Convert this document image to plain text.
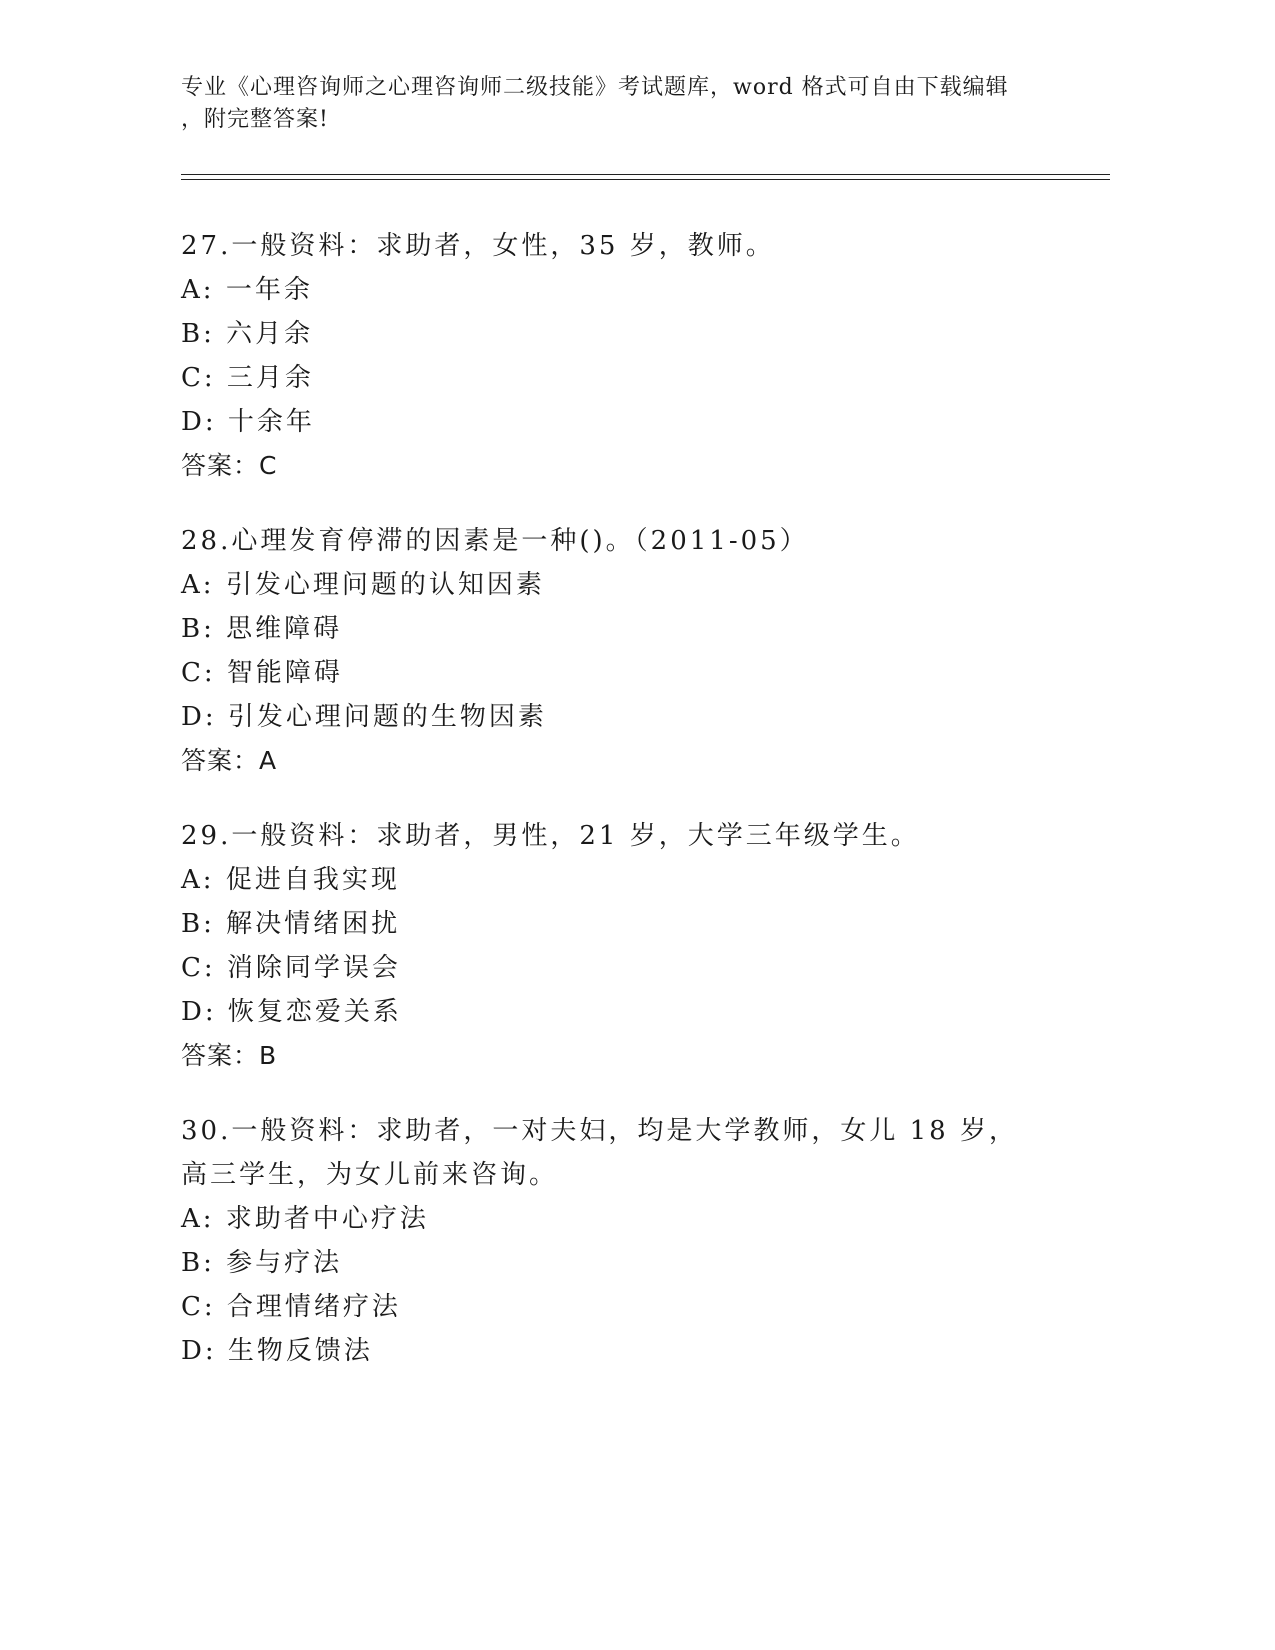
专业《心理咨询师之心理咨询师二级技能》考试题库，word 格式可自由下载编辑
，附完整答案!
27.一般资料：求助者，女性，35 岁，教师。
A: 一年余
B: 六月余
C: 三月余
D: 十余年
答案：C
28.心理发育停滞的因素是一种()。（2011-05）
A: 引发心理问题的认知因素
B: 思维障碍
C: 智能障碍
D: 引发心理问题的生物因素
答案：A
29.一般资料：求助者，男性，21 岁，大学三年级学生。
A: 促进自我实现
B: 解决情绪困扰
C: 消除同学误会
D: 恢复恋爱关系
答案：B
30.一般资料：求助者，一对夫妇，均是大学教师，女儿 18 岁，高三学生，为女儿前来咨询。
A: 求助者中心疗法
B: 参与疗法
C: 合理情绪疗法
D: 生物反馈法
